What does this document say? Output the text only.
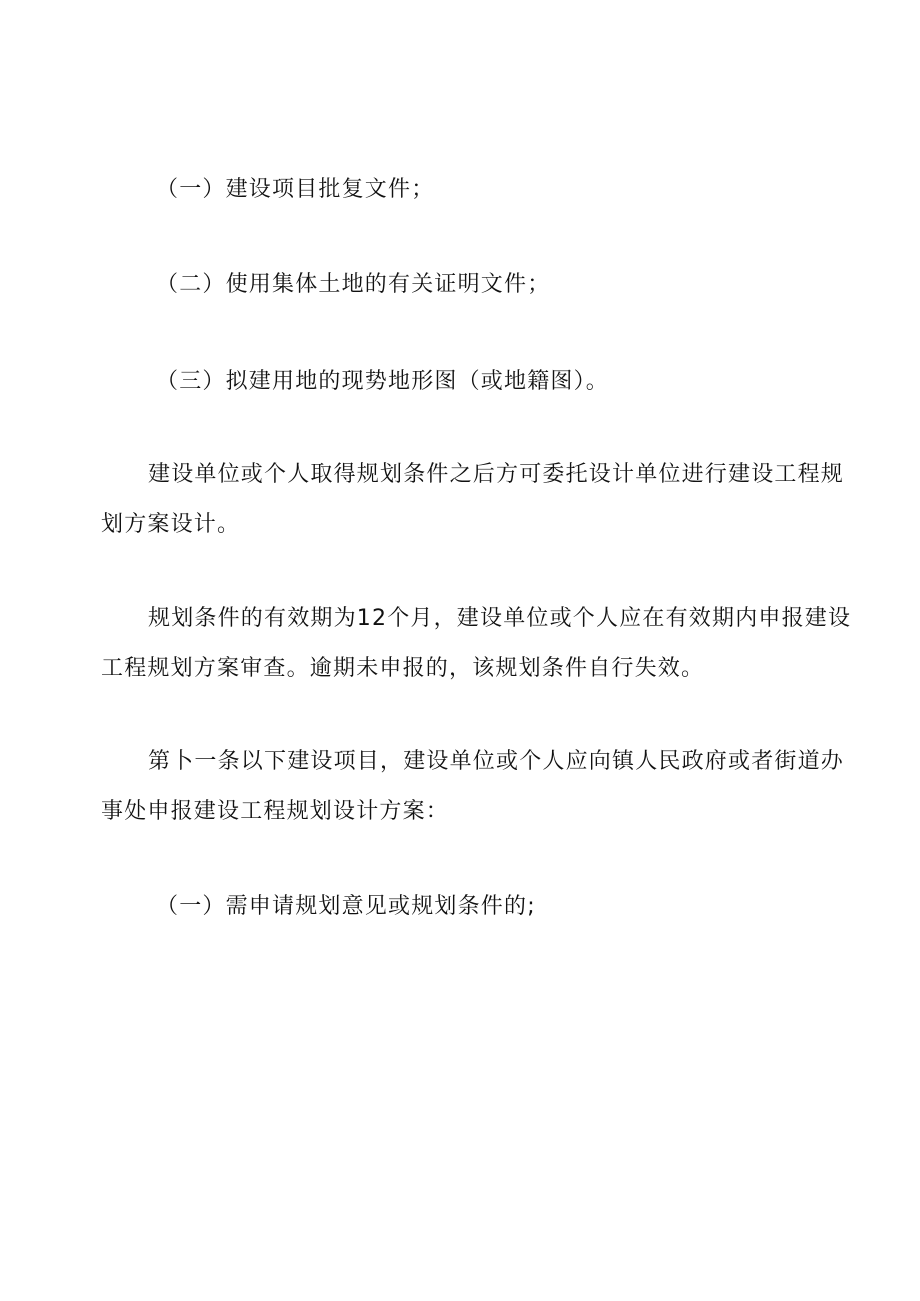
（一）建设项目批复文件；

（二）使用集体土地的有关证明文件；

（三）拟建用地的现势地形图（或地籍图）。

建设单位或个人取得规划条件之后方可委托设计单位进行建设工程规

划方案设计。

规划条件的有效期为12个月，建设单位或个人应在有效期内申报建设

工程规划方案审查。逾期未申报的，该规划条件自行失效。

第卜一条以下建设项目，建设单位或个人应向镇人民政府或者街道办

事处申报建设工程规划设计方案：

（一）需申请规划意见或规划条件的;
